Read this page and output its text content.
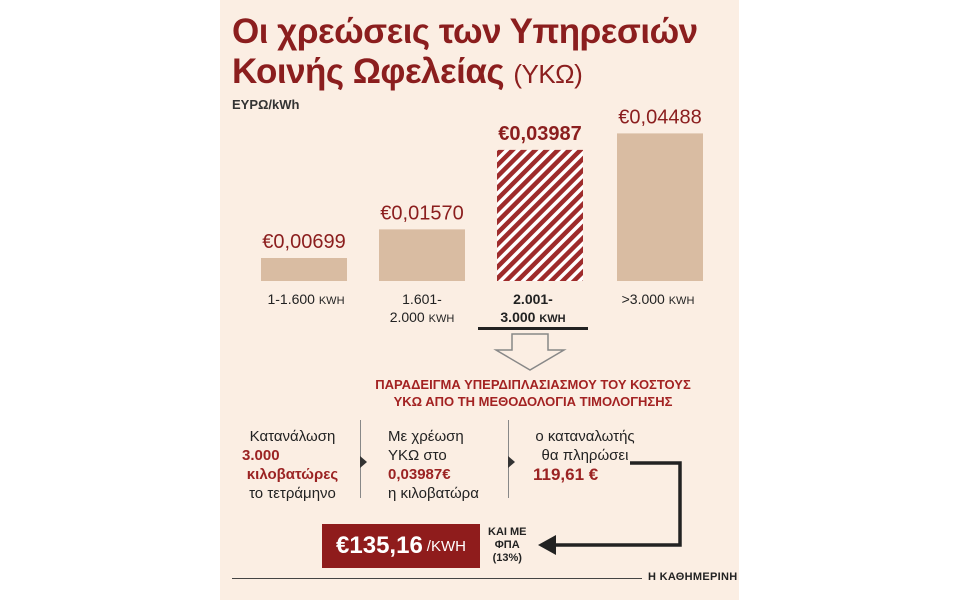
Οι χρεώσεις των Υπηρεσιών
Κοινής Ωφελείας (ΥΚΩ)
ΕΥΡΩ/kWh
€0,00699
€0,01570
€0,03987
€0,04488
1-1.600 KWH	1.601-
2.000 KWH
2.001-
3.000 KWH
>3.000 KWH
ΠΑΡΑΔΕΙΓΜΑ ΥΠΕΡΔΙΠΛΑΣΙΑΣΜΟΥ ΤΟΥ ΚΟΣΤΟΥΣ
ΥΚΩ ΑΠΟ ΤΗ ΜΕΘΟΔΟΛΟΓΙΑ ΤΙΜΟΛΟΓΗΣΗΣ
Κατανάλωση
3.000
κιλοβατώρες
το τετράμηνο
Με χρέωση
ΥΚΩ στο
0,03987€
η κιλοβατώρα
ο καταναλωτής
θα πληρώσει
119,61 €
€135,16 /KWH
ΚΑΙ ΜΕ
ΦΠΑ
(13%)
Η ΚΑΘΗΜΕΡΙΝΗ
